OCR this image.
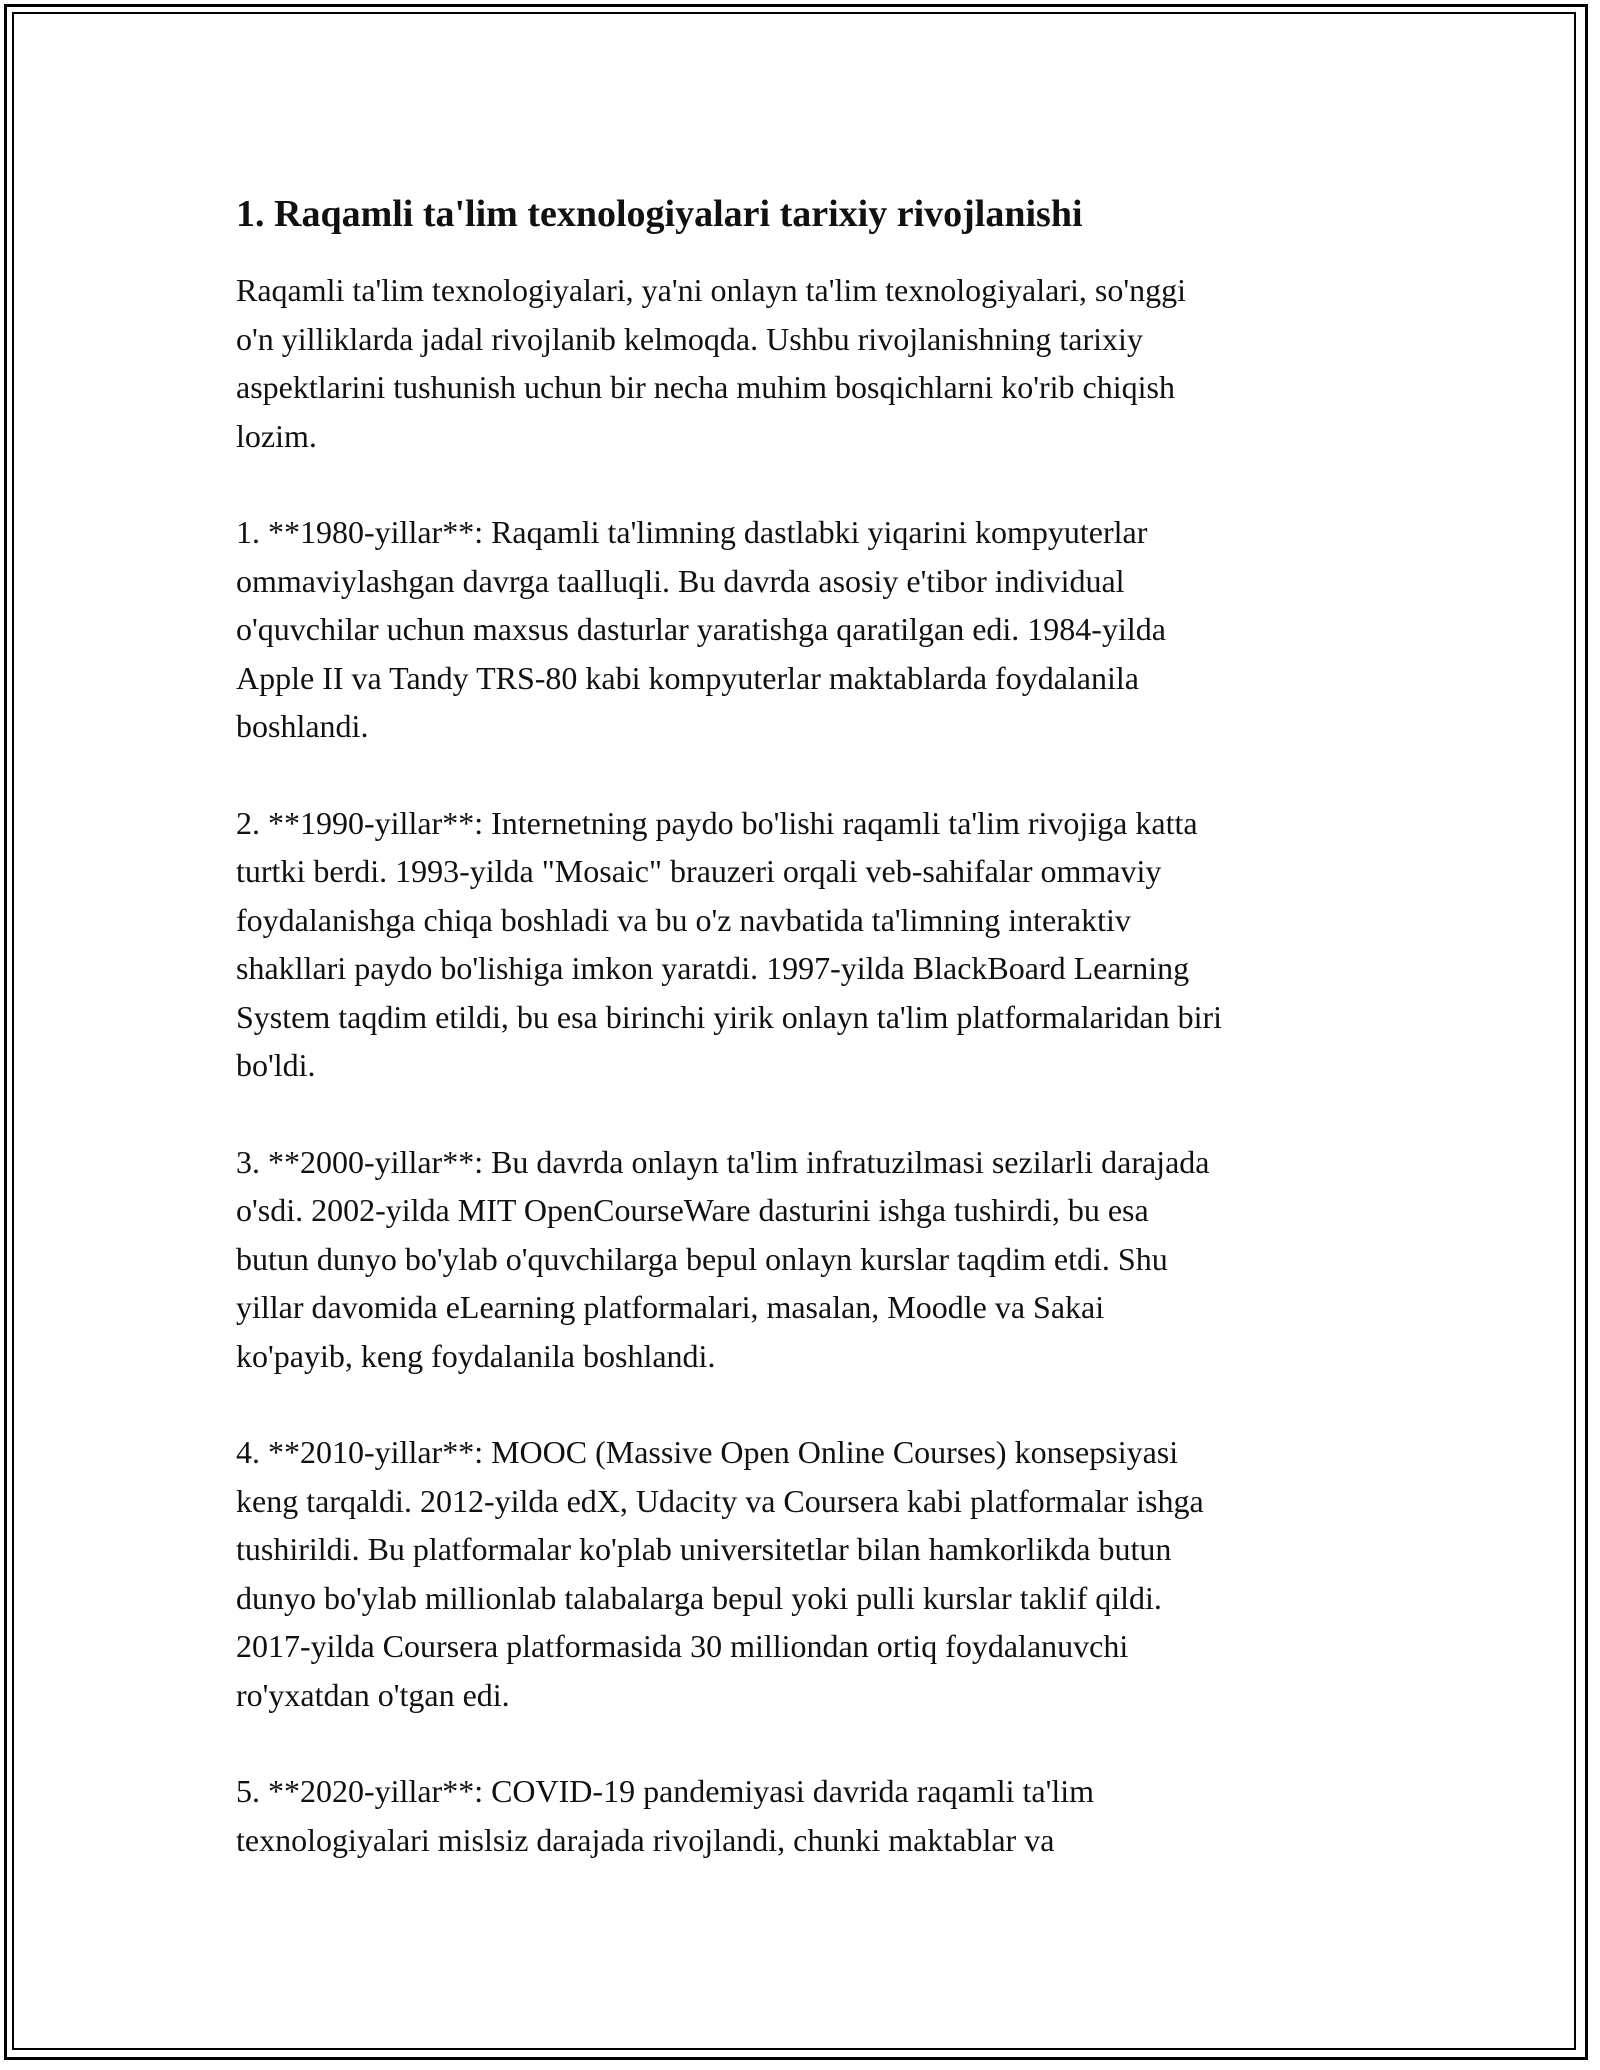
1. Raqamli ta'lim texnologiyalari tarixiy rivojlanishi

Raqamli ta'lim texnologiyalari, ya'ni onlayn ta'lim texnologiyalari, so'nggi
o'n yilliklarda jadal rivojlanib kelmoqda. Ushbu rivojlanishning tarixiy
aspektlarini tushunish uchun bir necha muhim bosqichlarni ko'rib chiqish
lozim.

1. **1980-yillar**: Raqamli ta'limning dastlabki yiqarini kompyuterlar
ommaviylashgan davrga taalluqli. Bu davrda asosiy e'tibor individual
o'quvchilar uchun maxsus dasturlar yaratishga qaratilgan edi. 1984-yilda
Apple II va Tandy TRS-80 kabi kompyuterlar maktablarda foydalanila
boshlandi.

2. **1990-yillar**: Internetning paydo bo'lishi raqamli ta'lim rivojiga katta
turtki berdi. 1993-yilda "Mosaic" brauzeri orqali veb-sahifalar ommaviy
foydalanishga chiqa boshladi va bu o'z navbatida ta'limning interaktiv
shakllari paydo bo'lishiga imkon yaratdi. 1997-yilda BlackBoard Learning
System taqdim etildi, bu esa birinchi yirik onlayn ta'lim platformalaridan biri
bo'ldi.

3. **2000-yillar**: Bu davrda onlayn ta'lim infratuzilmasi sezilarli darajada
o'sdi. 2002-yilda MIT OpenCourseWare dasturini ishga tushirdi, bu esa
butun dunyo bo'ylab o'quvchilarga bepul onlayn kurslar taqdim etdi. Shu
yillar davomida eLearning platformalari, masalan, Moodle va Sakai
ko'payib, keng foydalanila boshlandi.

4. **2010-yillar**: MOOC (Massive Open Online Courses) konsepsiyasi
keng tarqaldi. 2012-yilda edX, Udacity va Coursera kabi platformalar ishga
tushirildi. Bu platformalar ko'plab universitetlar bilan hamkorlikda butun
dunyo bo'ylab millionlab talabalarga bepul yoki pulli kurslar taklif qildi.
2017-yilda Coursera platformasida 30 milliondan ortiq foydalanuvchi
ro'yxatdan o'tgan edi.

5. **2020-yillar**: COVID-19 pandemiyasi davrida raqamli ta'lim
texnologiyalari mislsiz darajada rivojlandi, chunki maktablar va
